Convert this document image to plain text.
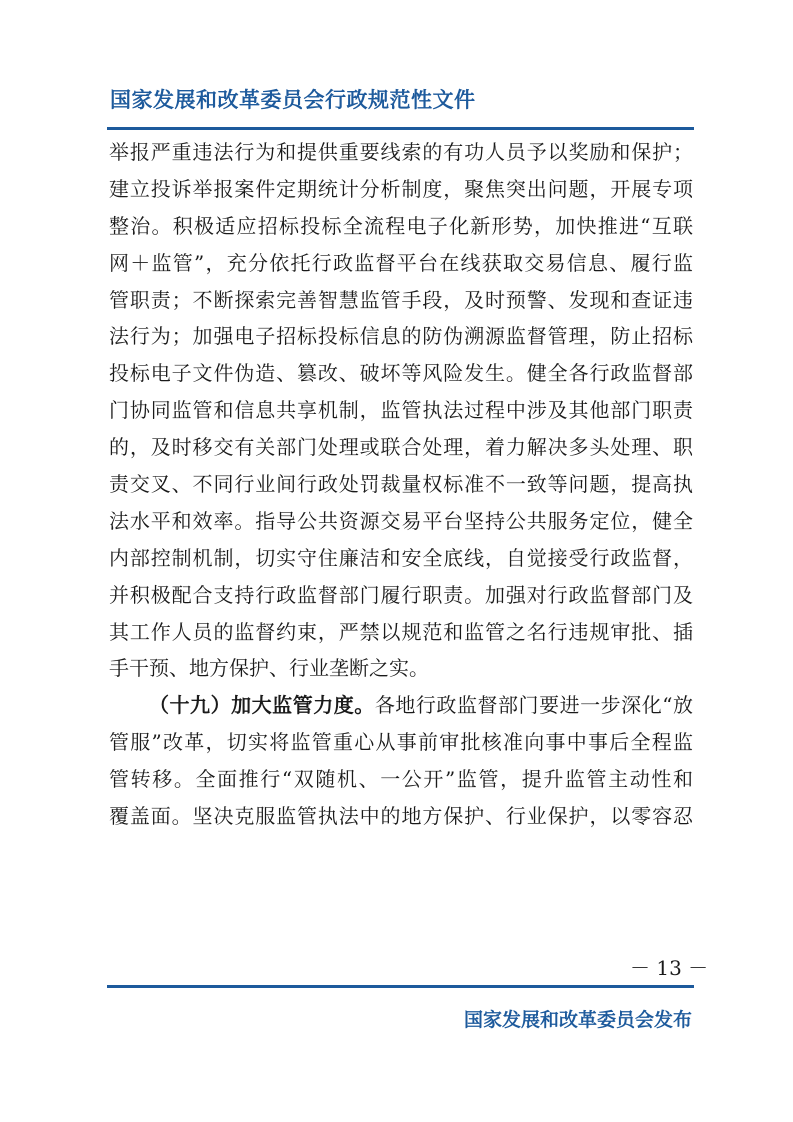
国家发展和改革委员会行政规范性文件
举报严重违法行为和提供重要线索的有功人员予以奖励和保护；
建立投诉举报案件定期统计分析制度，聚焦突出问题，开展专项
整治。积极适应招标投标全流程电子化新形势，加快推进“互联
网＋监管”，充分依托行政监督平台在线获取交易信息、履行监
管职责；不断探索完善智慧监管手段，及时预警、发现和查证违
法行为；加强电子招标投标信息的防伪溯源监督管理，防止招标
投标电子文件伪造、篡改、破坏等风险发生。健全各行政监督部
门协同监管和信息共享机制，监管执法过程中涉及其他部门职责
的，及时移交有关部门处理或联合处理，着力解决多头处理、职
责交叉、不同行业间行政处罚裁量权标准不一致等问题，提高执
法水平和效率。指导公共资源交易平台坚持公共服务定位，健全
内部控制机制，切实守住廉洁和安全底线，自觉接受行政监督，
并积极配合支持行政监督部门履行职责。加强对行政监督部门及
其工作人员的监督约束，严禁以规范和监管之名行违规审批、插
手干预、地方保护、行业垄断之实。
（十九）加大监管力度。各地行政监督部门要进一步深化“放
管服”改革，切实将监管重心从事前审批核准向事中事后全程监
管转移。全面推行“双随机、一公开”监管，提升监管主动性和
覆盖面。坚决克服监管执法中的地方保护、行业保护，以零容忍
－ 13 －
国家发展和改革委员会发布
